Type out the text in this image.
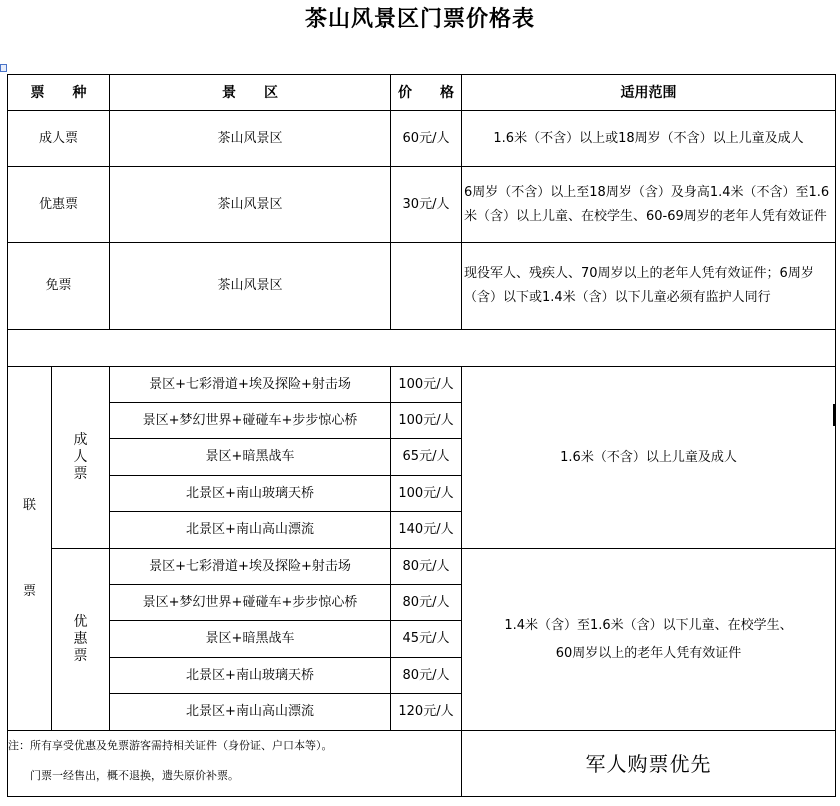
茶山风景区门票价格表
票　　种		景　　区	价　　格	适用范围
成人票		茶山风景区	60元/人	1.6米（不含）以上或18周岁（不含）以上儿童及成人
优惠票		茶山风景区	30元/人	6周岁（不含）以上至18周岁（含）及身高1.4米（不含）至1.6米（含）以上儿童、在校学生、60-69周岁的老年人凭有效证件
免票		茶山风景区		现役军人、残疾人、70周岁以上的老年人凭有效证件；6周岁（含）以下或1.4米（含）以下儿童必须有监护人同行

联
票	成人票	景区+七彩滑道+埃及探险+射击场	100元/人	1.6米（不含）以上儿童及成人
		景区+梦幻世界+碰碰车+步步惊心桥	100元/人	
		景区+暗黑战车	65元/人	
		北景区+南山玻璃天桥	100元/人	
		北景区+南山高山漂流	140元/人	
	优惠票	景区+七彩滑道+埃及探险+射击场	80元/人	1.4米（含）至1.6米（含）以下儿童、在校学生、
60周岁以上的老年人凭有效证件

		景区+梦幻世界+碰碰车+步步惊心桥	80元/人	
		景区+暗黑战车	45元/人	
		北景区+南山玻璃天桥	80元/人	
		北景区+南山高山漂流	120元/人	

注：所有享受优惠及免票游客需持相关证件（身份证、户口本等）。
门票一经售出，概不退换，遗失原价补票。				军人购票优先
